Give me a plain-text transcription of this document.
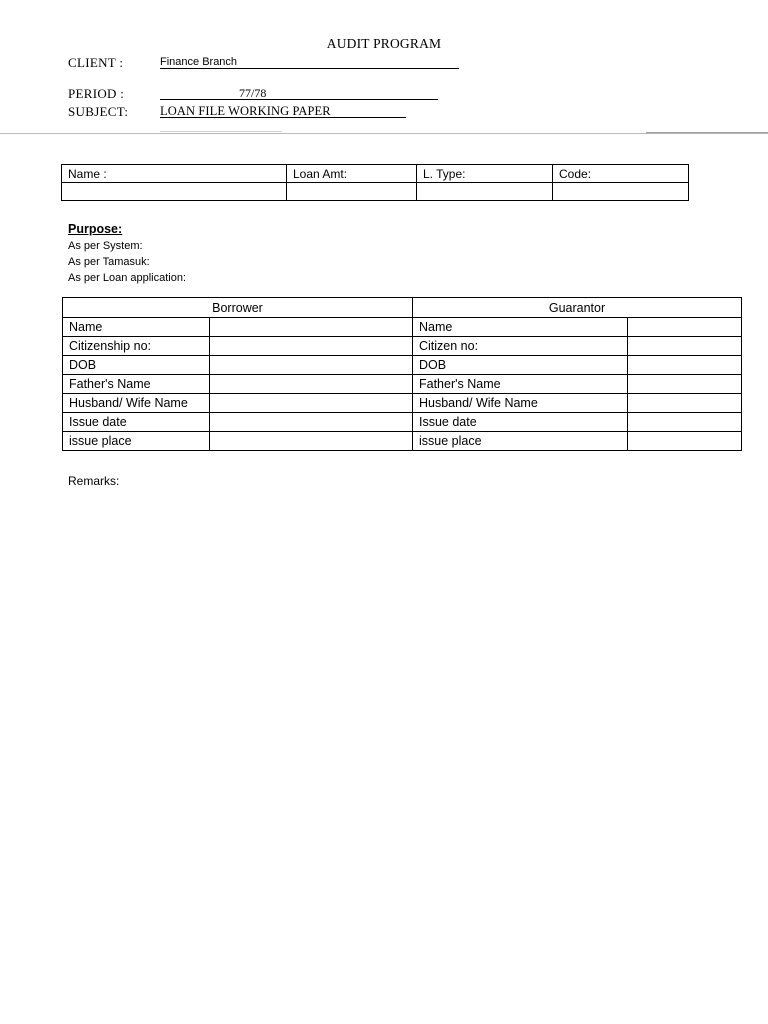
AUDIT PROGRAM
CLIENT :	Finance Branch
PERIOD :	77/78
SUBJECT:	LOAN FILE WORKING PAPER
Name :	Loan Amt:	L. Type:	Code:

Purpose:
As per System:
As per Tamasuk:
As per Loan application:
Borrower		Guarantor	
Name		Name	
Citizenship no:		Citizen no:	
DOB		DOB	
Father's Name		Father's Name	
Husband/ Wife Name		Husband/ Wife Name	
Issue date		Issue date	
issue place		issue place	
Remarks:
